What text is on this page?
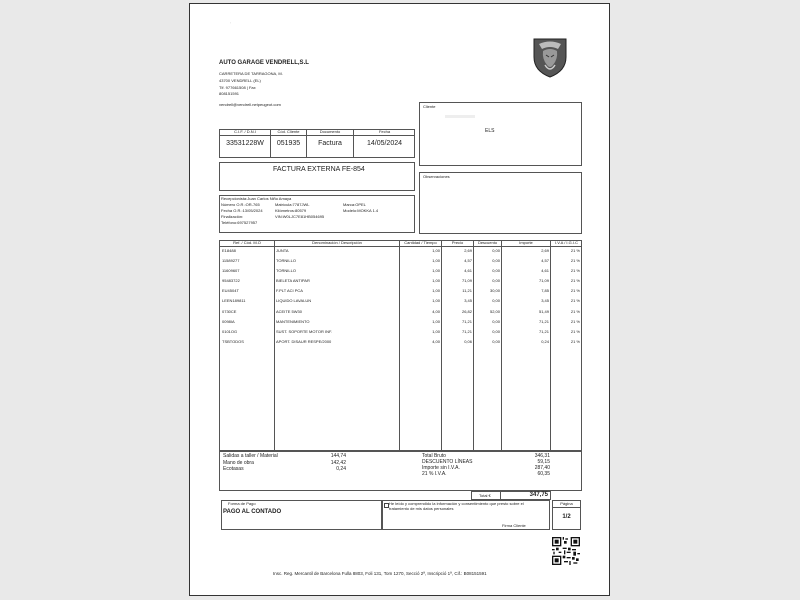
'
AUTO GARAGE VENDRELL,S.L
CARRETERA DE TARRAGONA, M.
43700 VENDRELL (EL)
Tlf. 977661508 | Fax
808151591
vendrell@vendrell.netpeugeot.com	Cliente
ELS
C.I.F. / D.N.I	Cód. Cliente	Documento	Fecha
33531228W	051935	Factura	14/05/2024
FACTURA EXTERNA FE-854
Observaciones
Recepcionista:Juan Carlos Niño Amaya
Número O.R.:OR-765	Matrícula:7787JWL	Marca:OPEL
Fecha O.R.:13/05/2024	Kilómetros:80579	Modelo:MOKKA 1.4
Finalización:	VIN:W0LJC7E81HB054695
Teléfono:697527957
Ref. / Cód. M.O	Denominación / Descripción	Cantidad / Tiempo	Precio	Descuento	Importe	I.V.A / I.G.I.C
E18488	JUNTA	1,00	2,69	0,00	2,69	21 %
11589277	TORNILLO	1,00	4,57	0,00	4,57	21 %
11609607	TORNILLO	1,00	4,61	0,00	4,61	21 %
95483722	BIELETA ANTIPAR	1,00	71,09	0,00	71,09	21 %
EU4504T	F.PLT ACI PCA	1,00	11,21	30,00	7,85	21 %
LEEN189811	LIQUIDO LAVALUN	1,00	3,45	0,00	3,45	21 %
0730CE	ACEITE 5W30	4,00	26,82	52,00	51,49	21 %
0098IA	MANTENIMIENTO	1,00	71,21	0,00	71,21	21 %
0101OG	SUST. SOPORTE MOTOR INF.	1,00	71,21	0,00	71,21	21 %
TSBTODOS	APORT. DISAUR RESPE/2000	4,00	0,06	0,00	0,24	21 %
Salidas a taller / Material	144,74
Mano de obra	142,42
Ecotasas	0,24
Total Bruto	346,31
DESCUENTO LÍNEAS	59,15
Importe sin I.V.A.	287,40
21 % I.V.A.	60,35
Total €	347,75
Forma de Pago
PAGO AL CONTADO
He leído y comprendido la información y consentimiento que presto sobre el
tratamiento de mis datos personales
Firma Cliente
Página
1/2
Insc. Reg. Mercantil de Barcelona Fulla 8803, Foli 131, Tom 1270, Secció 2ª, Inscripció 1ª, Cif.: B08151591
